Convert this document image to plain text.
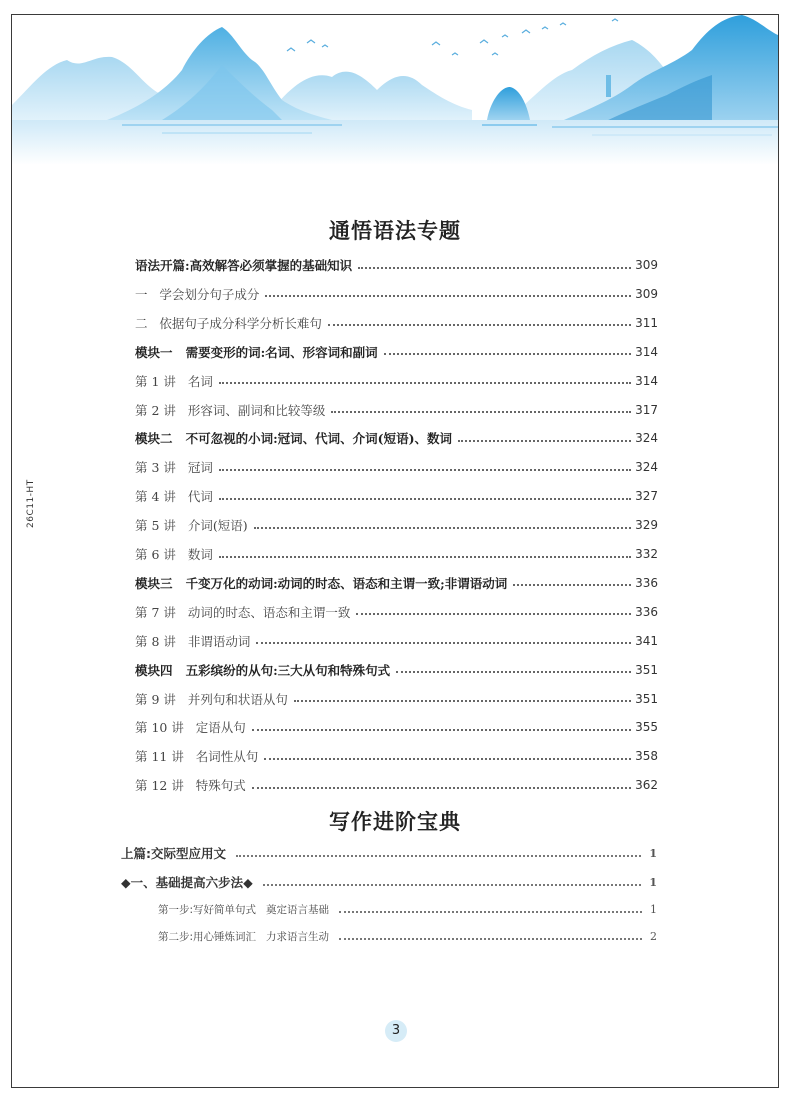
26C11-HT
通悟语法专题
语法开篇: 高效解答必须掌握的基础知识	309
一 学会划分句子成分	309
二 依据句子成分科学分析长难句	311
模块一 需要变形的词:名词、形容词和副词	314
第 1 讲 名词	314
第 2 讲 形容词、副词和比较等级	317
模块二 不可忽视的小词:冠词、代词、介词(短语)、数词	324
第 3 讲 冠词	324
第 4 讲 代词	327
第 5 讲 介词(短语)	329
第 6 讲 数词	332
模块三 千变万化的动词:动词的时态、语态和主谓一致;非谓语动词	336
第 7 讲 动词的时态、语态和主谓一致	336
第 8 讲 非谓语动词	341
模块四 五彩缤纷的从句:三大从句和特殊句式	351
第 9 讲 并列句和状语从句	351
第 10 讲 定语从句	355
第 11 讲 名词性从句	358
第 12 讲 特殊句式	362
写作进阶宝典
上篇:交际型应用文	1
◆一、基础提高六步法◆	1
第一步:写好简单句式   奠定语言基础	1
第二步:用心锤炼词汇   力求语言生动	2
3
